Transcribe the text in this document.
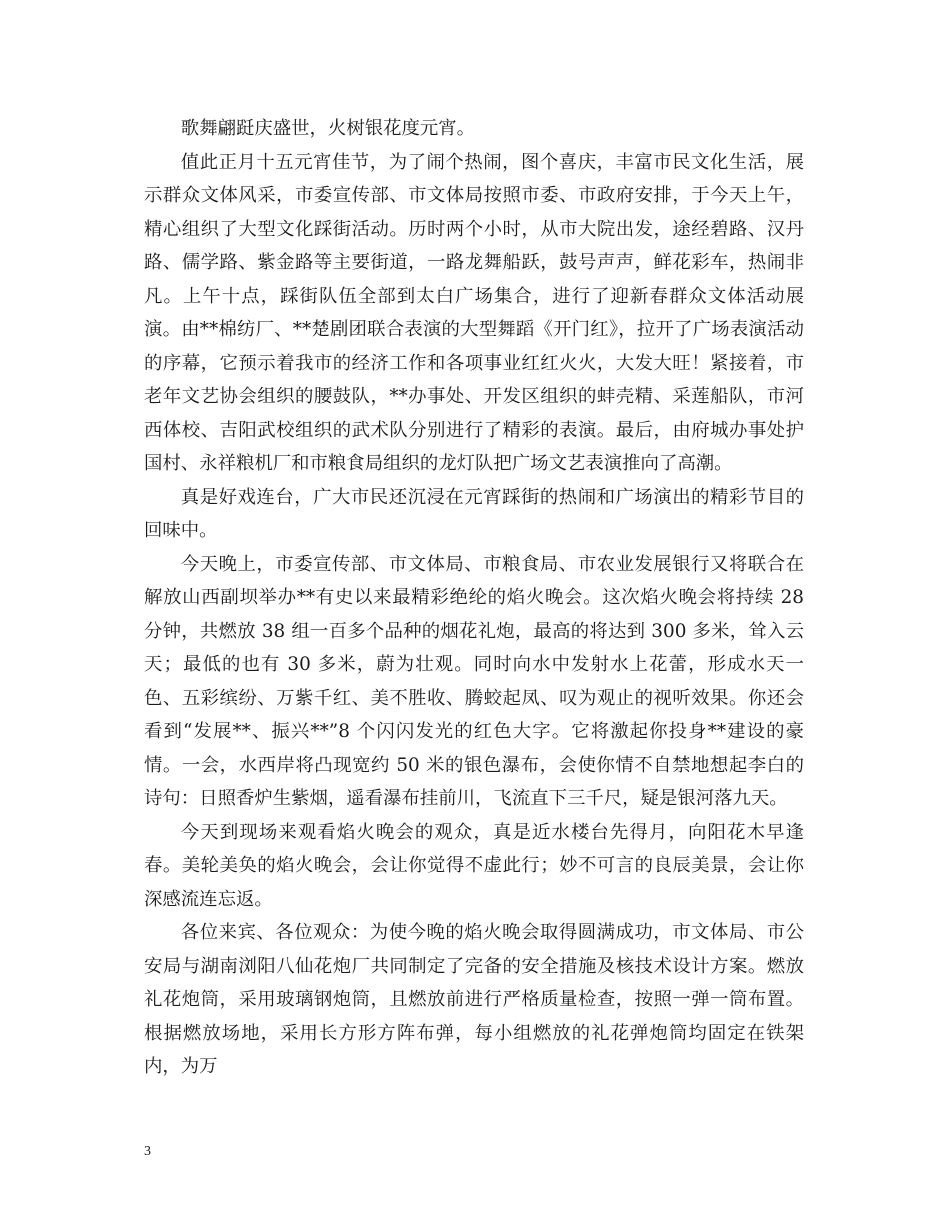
歌舞翩跹庆盛世，火树银花度元宵。

值此正月十五元宵佳节，为了闹个热闹，图个喜庆，丰富市民文化生活，展示群众文体风采，市委宣传部、市文体局按照市委、市政府安排，于今天上午，精心组织了大型文化踩街活动。历时两个小时，从市大院出发，途经碧路、汉丹路、儒学路、紫金路等主要街道，一路龙舞船跃，鼓号声声，鲜花彩车，热闹非凡。上午十点，踩街队伍全部到太白广场集合，进行了迎新春群众文体活动展演。由**棉纺厂、**楚剧团联合表演的大型舞蹈《开门红》，拉开了广场表演活动的序幕，它预示着我市的经济工作和各项事业红红火火，大发大旺！紧接着，市老年文艺协会组织的腰鼓队，**办事处、开发区组织的蚌壳精、采莲船队，市河西体校、吉阳武校组织的武术队分别进行了精彩的表演。最后，由府城办事处护国村、永祥粮机厂和市粮食局组织的龙灯队把广场文艺表演推向了高潮。

真是好戏连台，广大市民还沉浸在元宵踩街的热闹和广场演出的精彩节目的回味中。

今天晚上，市委宣传部、市文体局、市粮食局、市农业发展银行又将联合在解放山西副坝举办**有史以来最精彩绝纶的焰火晚会。这次焰火晚会将持续 28 分钟，共燃放 38 组一百多个品种的烟花礼炮，最高的将达到 300 多米，耸入云天；最低的也有 30 多米，蔚为壮观。同时向水中发射水上花蕾，形成水天一色、五彩缤纷、万紫千红、美不胜收、腾蛟起凤、叹为观止的视听效果。你还会看到“发展**、振兴**”8 个闪闪发光的红色大字。它将激起你投身**建设的豪情。一会，水西岸将凸现宽约 50 米的银色瀑布，会使你情不自禁地想起李白的诗句：日照香炉生紫烟，遥看瀑布挂前川，飞流直下三千尺，疑是银河落九天。

今天到现场来观看焰火晚会的观众，真是近水楼台先得月，向阳花木早逢春。美轮美奂的焰火晚会，会让你觉得不虚此行；妙不可言的良辰美景，会让你深感流连忘返。

各位来宾、各位观众：为使今晚的焰火晚会取得圆满成功，市文体局、市公安局与湖南浏阳八仙花炮厂共同制定了完备的安全措施及核技术设计方案。燃放礼花炮筒，采用玻璃钢炮筒，且燃放前进行严格质量检查，按照一弹一筒布置。根据燃放场地，采用长方形方阵布弹，每小组燃放的礼花弹炮筒均固定在铁架内，为万

3
